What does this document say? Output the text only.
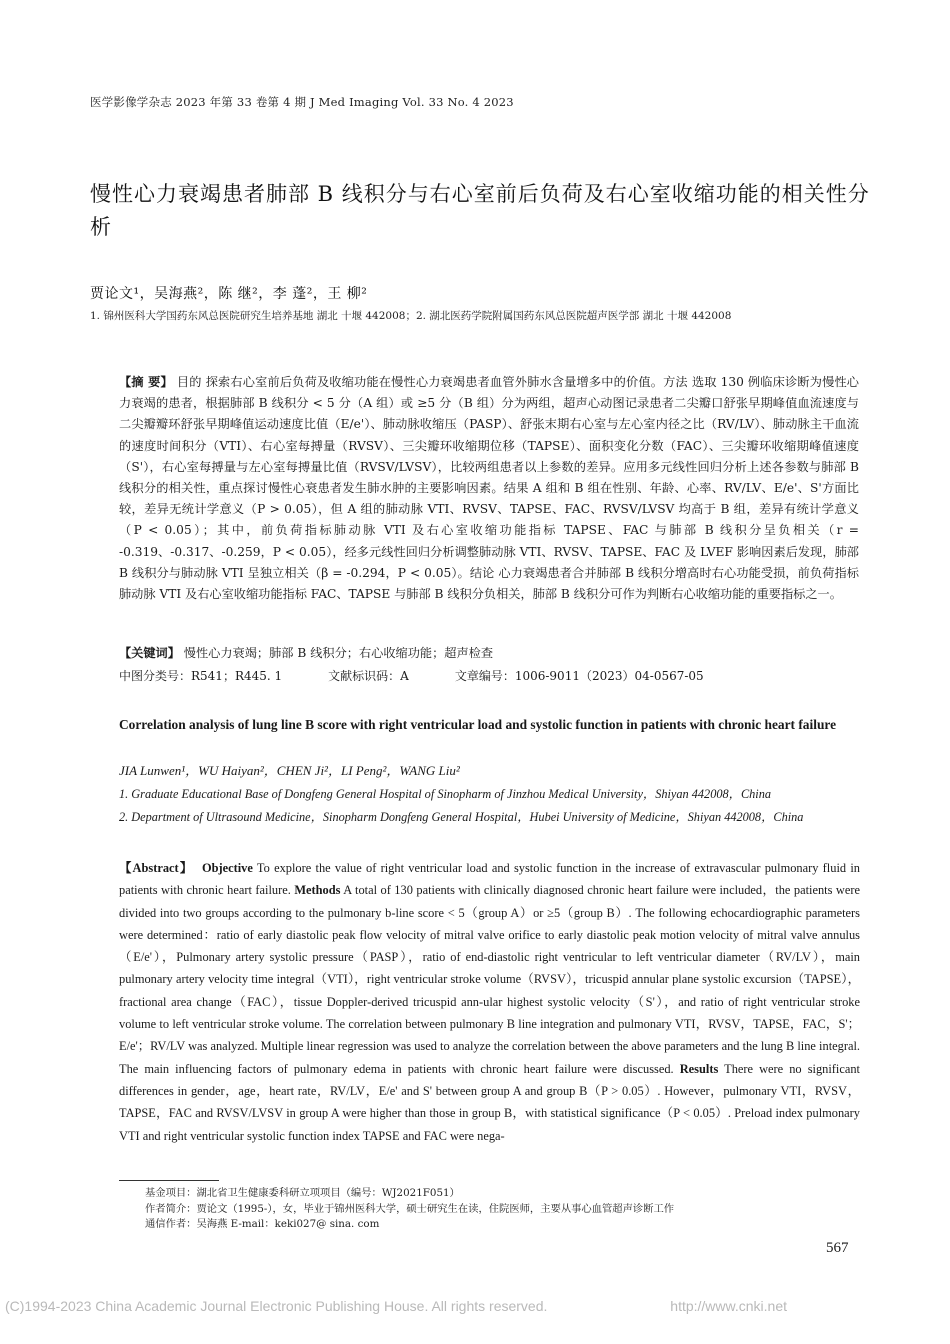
医学影像学杂志 2023 年第 33 卷第 4 期 J Med Imaging Vol. 33 No. 4 2023
慢性心力衰竭患者肺部 B 线积分与右心室前后负荷及右心室收缩功能的相关性分析
贾论文¹，吴海燕²，陈 继²，李 蓬²，王 柳²
1. 锦州医科大学国药东风总医院研究生培养基地 湖北 十堰 442008；2. 湖北医药学院附属国药东风总医院超声医学部 湖北 十堰 442008
【摘 要】 目的 探索右心室前后负荷及收缩功能在慢性心力衰竭患者血管外肺水含量增多中的价值。方法 选取 130 例临床诊断为慢性心力衰竭的患者，根据肺部 B 线积分 < 5 分（A 组）或 ≥5 分（B 组）分为两组，超声心动图记录患者二尖瓣口舒张早期峰值血流速度与二尖瓣瓣环舒张早期峰值运动速度比值（E/e'）、肺动脉收缩压（PASP）、舒张末期右心室与左心室内径之比（RV/LV）、肺动脉主干血流的速度时间积分（VTI）、右心室每搏量（RVSV）、三尖瓣环收缩期位移（TAPSE）、面积变化分数（FAC）、三尖瓣环收缩期峰值速度（S'），右心室每搏量与左心室每搏量比值（RVSV/LVSV），比较两组患者以上参数的差异。应用多元线性回归分析上述各参数与肺部 B 线积分的相关性，重点探讨慢性心衰患者发生肺水肿的主要影响因素。结果 A 组和 B 组在性别、年龄、心率、RV/LV、E/e'、S'方面比较，差异无统计学意义（P > 0.05），但 A 组的肺动脉 VTI、RVSV、TAPSE、FAC、RVSV/LVSV 均高于 B 组，差异有统计学意义（P < 0.05）；其中，前负荷指标肺动脉 VTI 及右心室收缩功能指标 TAPSE、FAC 与肺部 B 线积分呈负相关（r = -0.319、-0.317、-0.259，P < 0.05），经多元线性回归分析调整肺动脉 VTI、RVSV、TAPSE、FAC 及 LVEF 影响因素后发现，肺部 B 线积分与肺动脉 VTI 呈独立相关（β = -0.294，P < 0.05）。结论 心力衰竭患者合并肺部 B 线积分增高时右心功能受损，前负荷指标肺动脉 VTI 及右心室收缩功能指标 FAC、TAPSE 与肺部 B 线积分负相关，肺部 B 线积分可作为判断右心收缩功能的重要指标之一。
【关键词】 慢性心力衰竭；肺部 B 线积分；右心收缩功能；超声检查
中图分类号：R541；R445. 1	文献标识码：A	文章编号：1006-9011（2023）04-0567-05
Correlation analysis of lung line B score with right ventricular load and systolic function in patients with chronic heart failure
JIA Lunwen¹，WU Haiyan²，CHEN Ji²，LI Peng²，WANG Liu²
1. Graduate Educational Base of Dongfeng General Hospital of Sinopharm of Jinzhou Medical University，Shiyan 442008，China
2. Department of Ultrasound Medicine，Sinopharm Dongfeng General Hospital，Hubei University of Medicine，Shiyan 442008，China
【Abstract】 Objective To explore the value of right ventricular load and systolic function in the increase of extravascular pulmonary fluid in patients with chronic heart failure. Methods A total of 130 patients with clinically diagnosed chronic heart failure were included，the patients were divided into two groups according to the pulmonary b-line score < 5（group A）or ≥5（group B）. The following echocardiographic parameters were determined：ratio of early diastolic peak flow velocity of mitral valve orifice to early diastolic peak motion velocity of mitral valve annulus（E/e'），Pulmonary artery systolic pressure（PASP），ratio of end-diastolic right ventricular to left ventricular diameter（RV/LV），main pulmonary artery velocity time integral（VTI），right ventricular stroke volume（RVSV），tricuspid annular plane systolic excursion（TAPSE），fractional area change（FAC），tissue Doppler-derived tricuspid ann-ular highest systolic velocity（S'），and ratio of right ventricular stroke volume to left ventricular stroke volume. The correlation between pulmonary B line integration and pulmonary VTI，RVSV，TAPSE，FAC，S'；E/e'；RV/LV was analyzed. Multiple linear regression was used to analyze the correlation between the above parameters and the lung B line integral. The main influencing factors of pulmonary edema in patients with chronic heart failure were discussed. Results There were no significant differences in gender，age，heart rate，RV/LV，E/e' and S' between group A and group B（P > 0.05）. However，pulmonary VTI，RVSV，TAPSE，FAC and RVSV/LVSV in group A were higher than those in group B，with statistical significance（P < 0.05）. Preload index pulmonary VTI and right ventricular systolic function index TAPSE and FAC were nega-
基金项目：湖北省卫生健康委科研立项项目（编号：WJ2021F051）
作者简介：贾论文（1995-），女，毕业于锦州医科大学，硕士研究生在读，住院医师，主要从事心血管超声诊断工作
通信作者：吴海燕 E-mail：keki027@ sina. com
567
(C)1994-2023 China Academic Journal Electronic Publishing House. All rights reserved.	http://www.cnki.net
